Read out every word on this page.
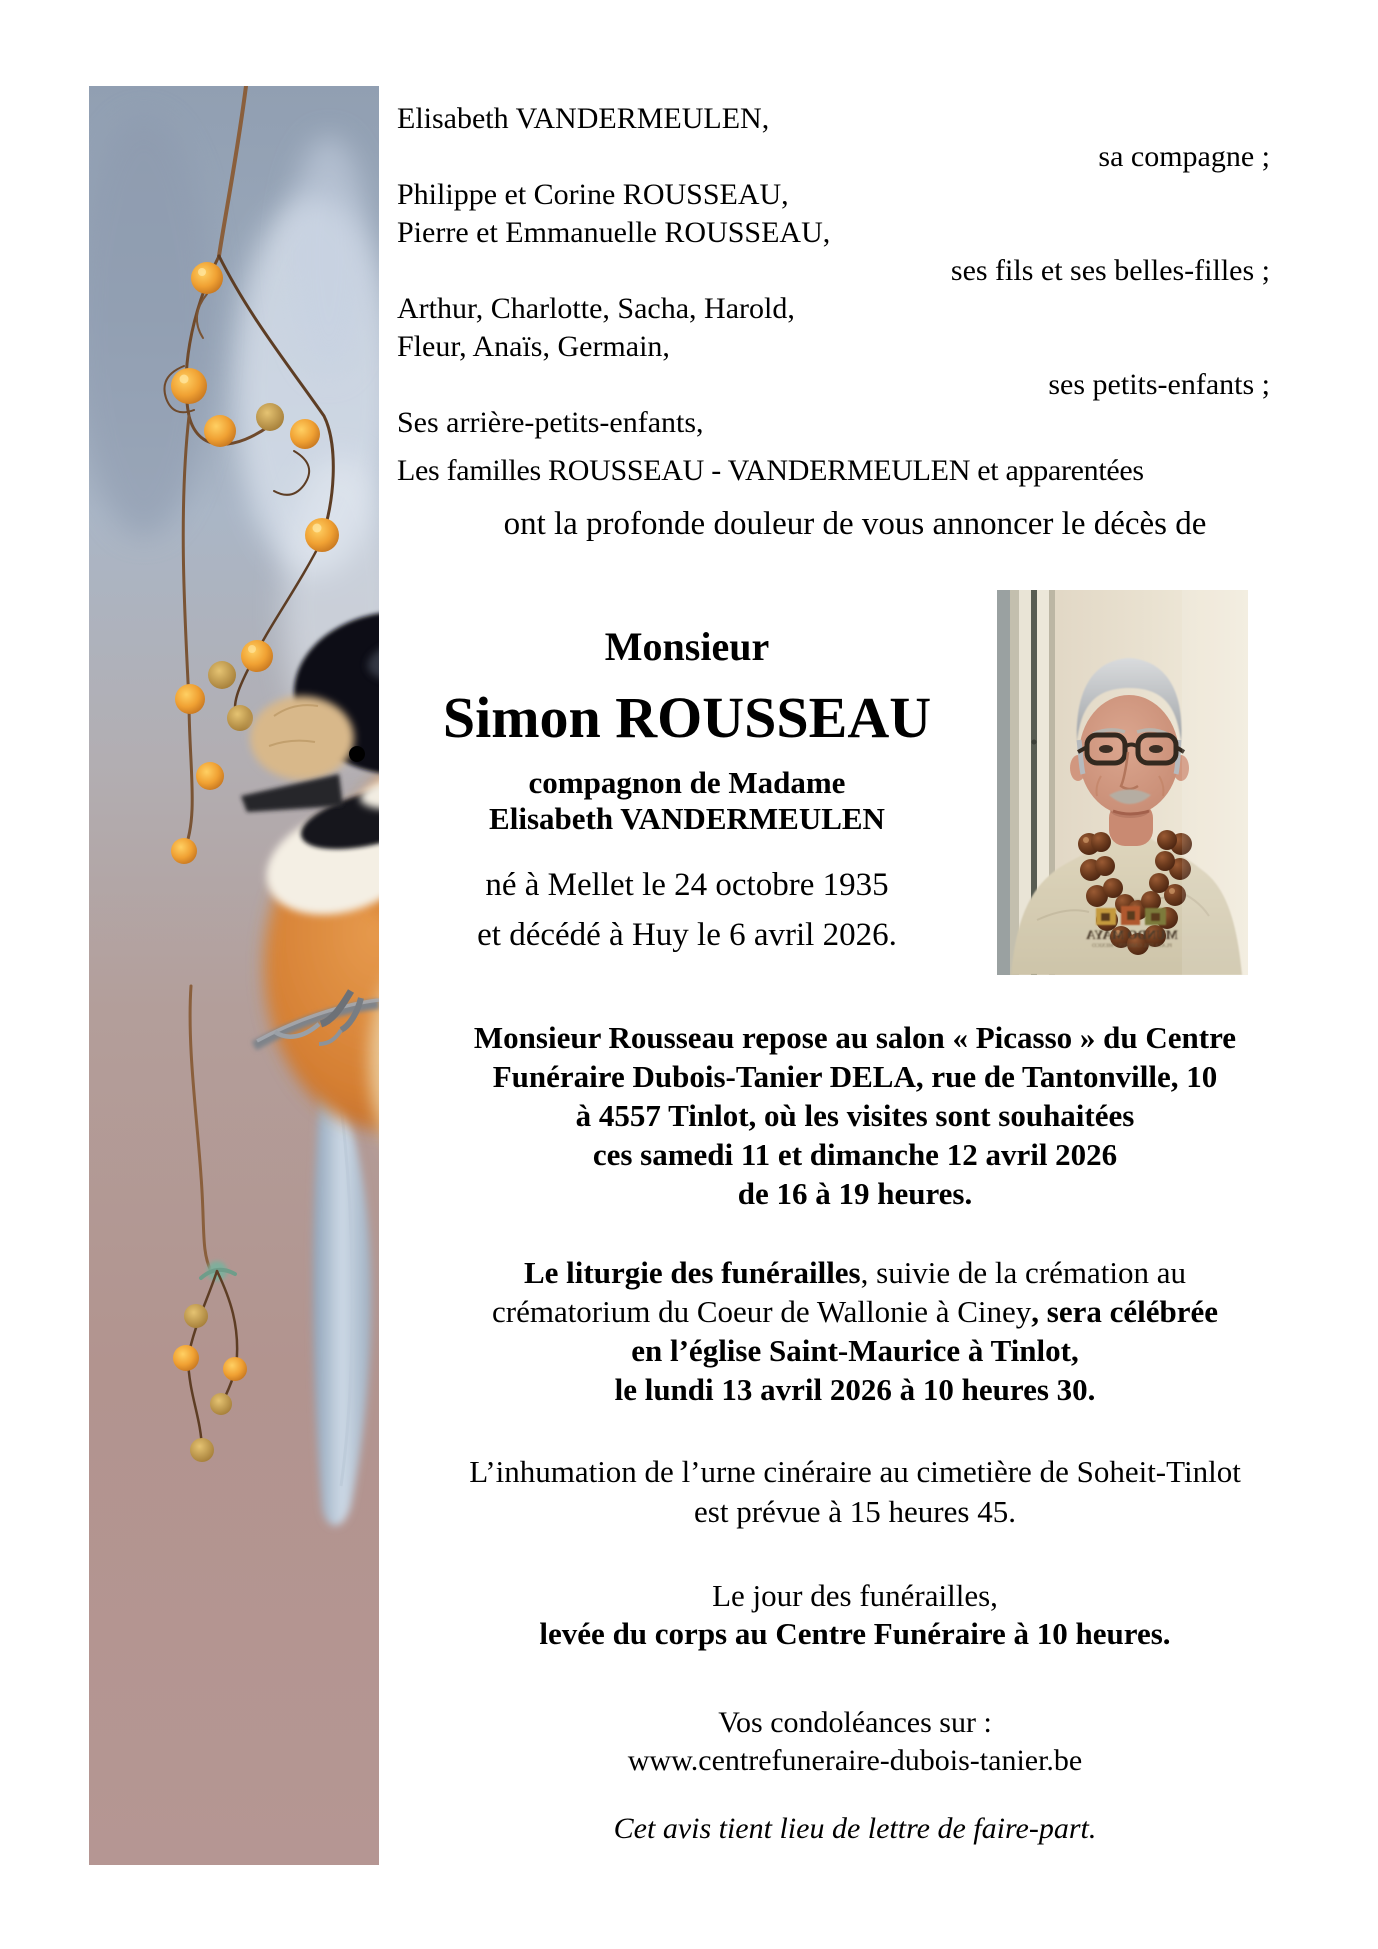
Elisabeth VANDERMEULEN,
sa compagne ;
Philippe et Corine ROUSSEAU,
Pierre et Emmanuelle ROUSSEAU,
ses fils et ses belles-filles ;
Arthur, Charlotte, Sacha, Harold,
Fleur, Anaïs, Germain,
ses petits-enfants ;
Ses arrière-petits-enfants,
Les familles ROUSSEAU - VANDERMEULEN et apparentées
ont la profonde douleur de vous annoncer le décès de
Monsieur
Simon ROUSSEAU
compagnon de Madame
Elisabeth VANDERMEULEN
né à Mellet le 24 octobre 1935
et décédé à Huy le 6 avril 2026.	MUNDO MAYA
PLAYA DEL CARMEN • MEXICO
Monsieur Rousseau repose au salon « Picasso » du Centre
Funéraire Dubois-Tanier DELA, rue de Tantonville, 10
à 4557 Tinlot, où les visites sont souhaitées
ces samedi 11 et dimanche 12 avril 2026
de 16 à 19 heures.
Le liturgie des funérailles, suivie de la crémation au
crématorium du Coeur de Wallonie à Ciney, sera célébrée
en l’église Saint-Maurice à Tinlot,
le lundi 13 avril 2026 à 10 heures 30.
L’inhumation de l’urne cinéraire au cimetière de Soheit-Tinlot
est prévue à 15 heures 45.
Le jour des funérailles,
levée du corps au Centre Funéraire à 10 heures.
Vos condoléances sur :
www.centrefuneraire-dubois-tanier.be
Cet avis tient lieu de lettre de faire-part.
